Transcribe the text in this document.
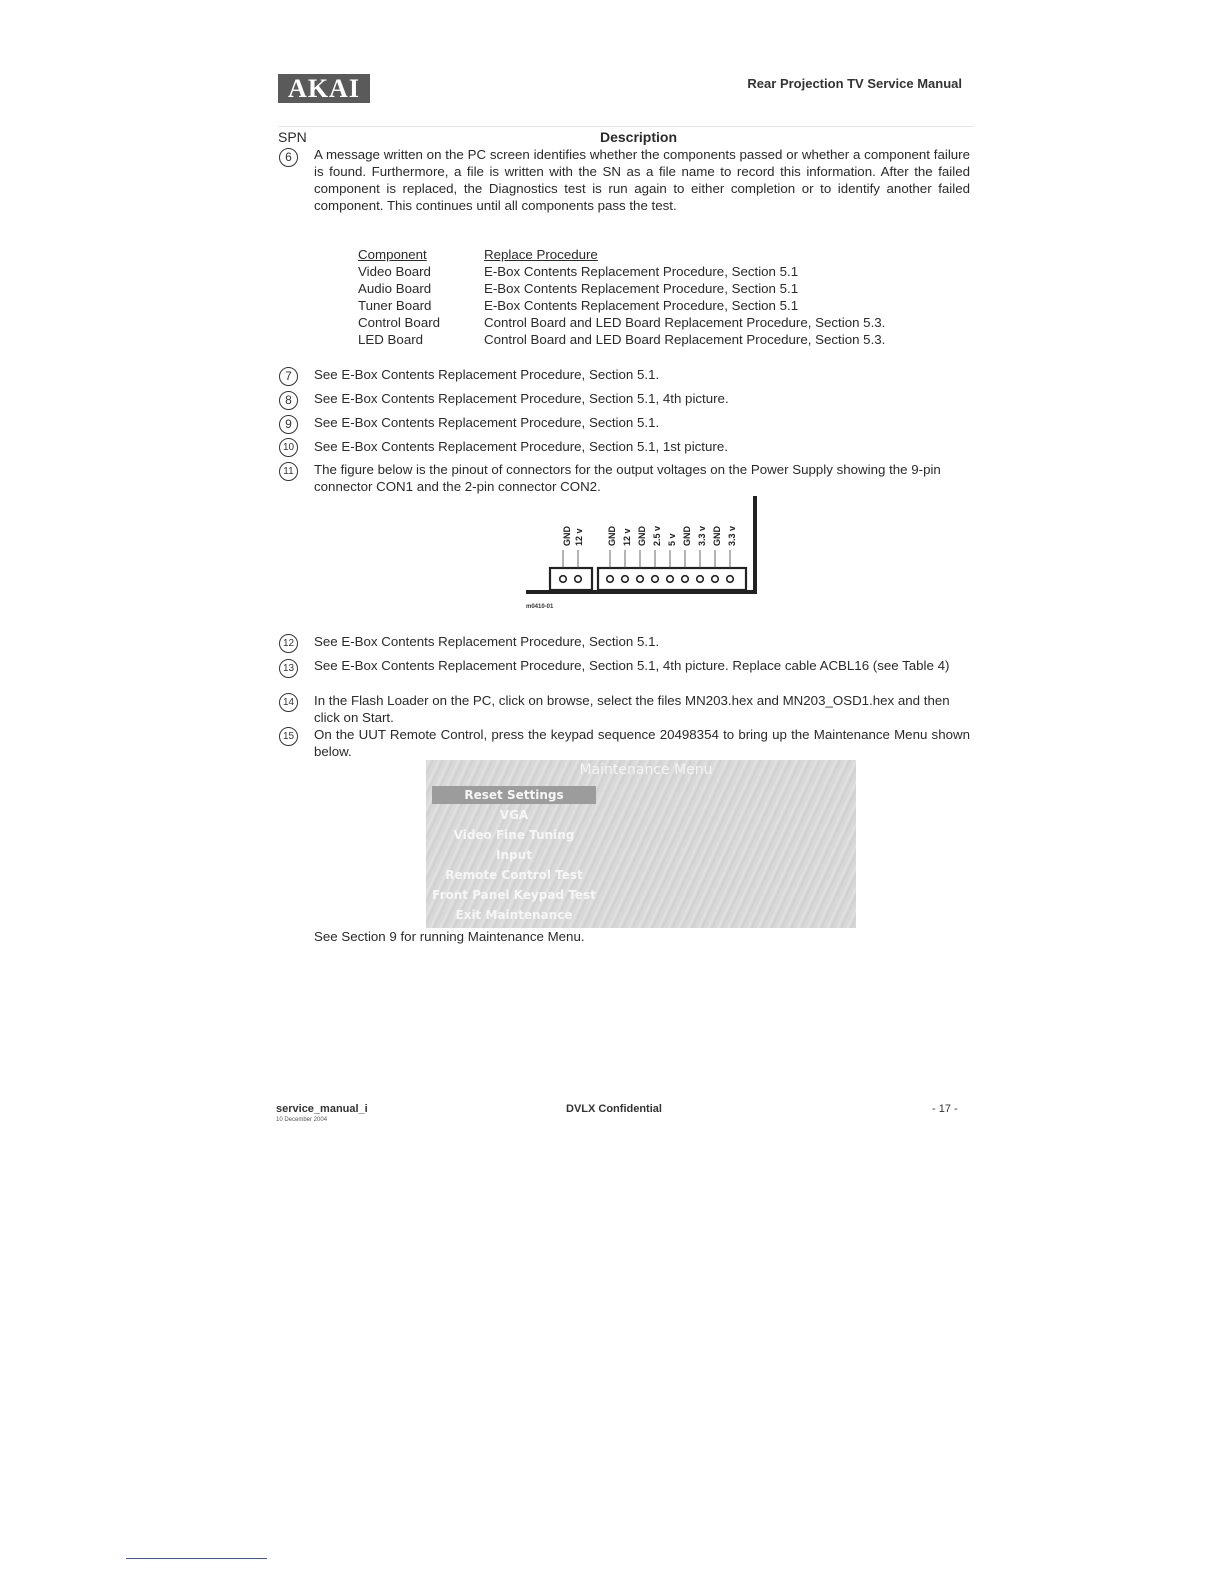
AKAI	Rear Projection TV Service Manual
SPN	Description
6	A message written on the PC screen identifies whether the components passed or whether a component failure is found. Furthermore, a file is written with the SN as a file name to record this information. After the failed component is replaced, the Diagnostics test is run again to either completion or to identify another failed component. This continues until all components pass the test.
Component	Replace Procedure
Video Board	E-Box Contents Replacement Procedure, Section 5.1
Audio Board	E-Box Contents Replacement Procedure, Section 5.1
Tuner Board	E-Box Contents Replacement Procedure, Section 5.1
Control Board	Control Board and LED Board Replacement Procedure, Section 5.3.
LED Board	Control Board and LED Board Replacement Procedure, Section 5.3.
7	See E-Box Contents Replacement Procedure, Section 5.1.
8	See E-Box Contents Replacement Procedure, Section 5.1, 4th picture.
9	See E-Box Contents Replacement Procedure, Section 5.1.
10 See E-Box Contents Replacement Procedure, Section 5.1, 1st picture.
11	The figure below is the pinout of connectors for the output voltages on the Power Supply showing the 9-pin connector CON1 and the 2-pin connector CON2.
GND 12 v	GND 12 v GND 2.5 v 5 v GND 3.3 v GND 3.3 v
m0410-01
12 See E-Box Contents Replacement Procedure, Section 5.1.
13 See E-Box Contents Replacement Procedure, Section 5.1, 4th picture. Replace cable ACBL16 (see Table 4)
14 In the Flash Loader on the PC, click on browse, select the files MN203.hex and MN203_OSD1.hex and then click on Start.
15 On the UUT Remote Control, press the keypad sequence 20498354 to bring up the Maintenance Menu shown below.
Maintenance Menu
Reset Settings
VGA
Video Fine Tuning
Input
Remote Control Test
Front Panel Keypad Test
Exit Maintenance
See Section 9 for running Maintenance Menu.
service_manual_i
10 December 2004
DVLX Confidential	- 17 -
